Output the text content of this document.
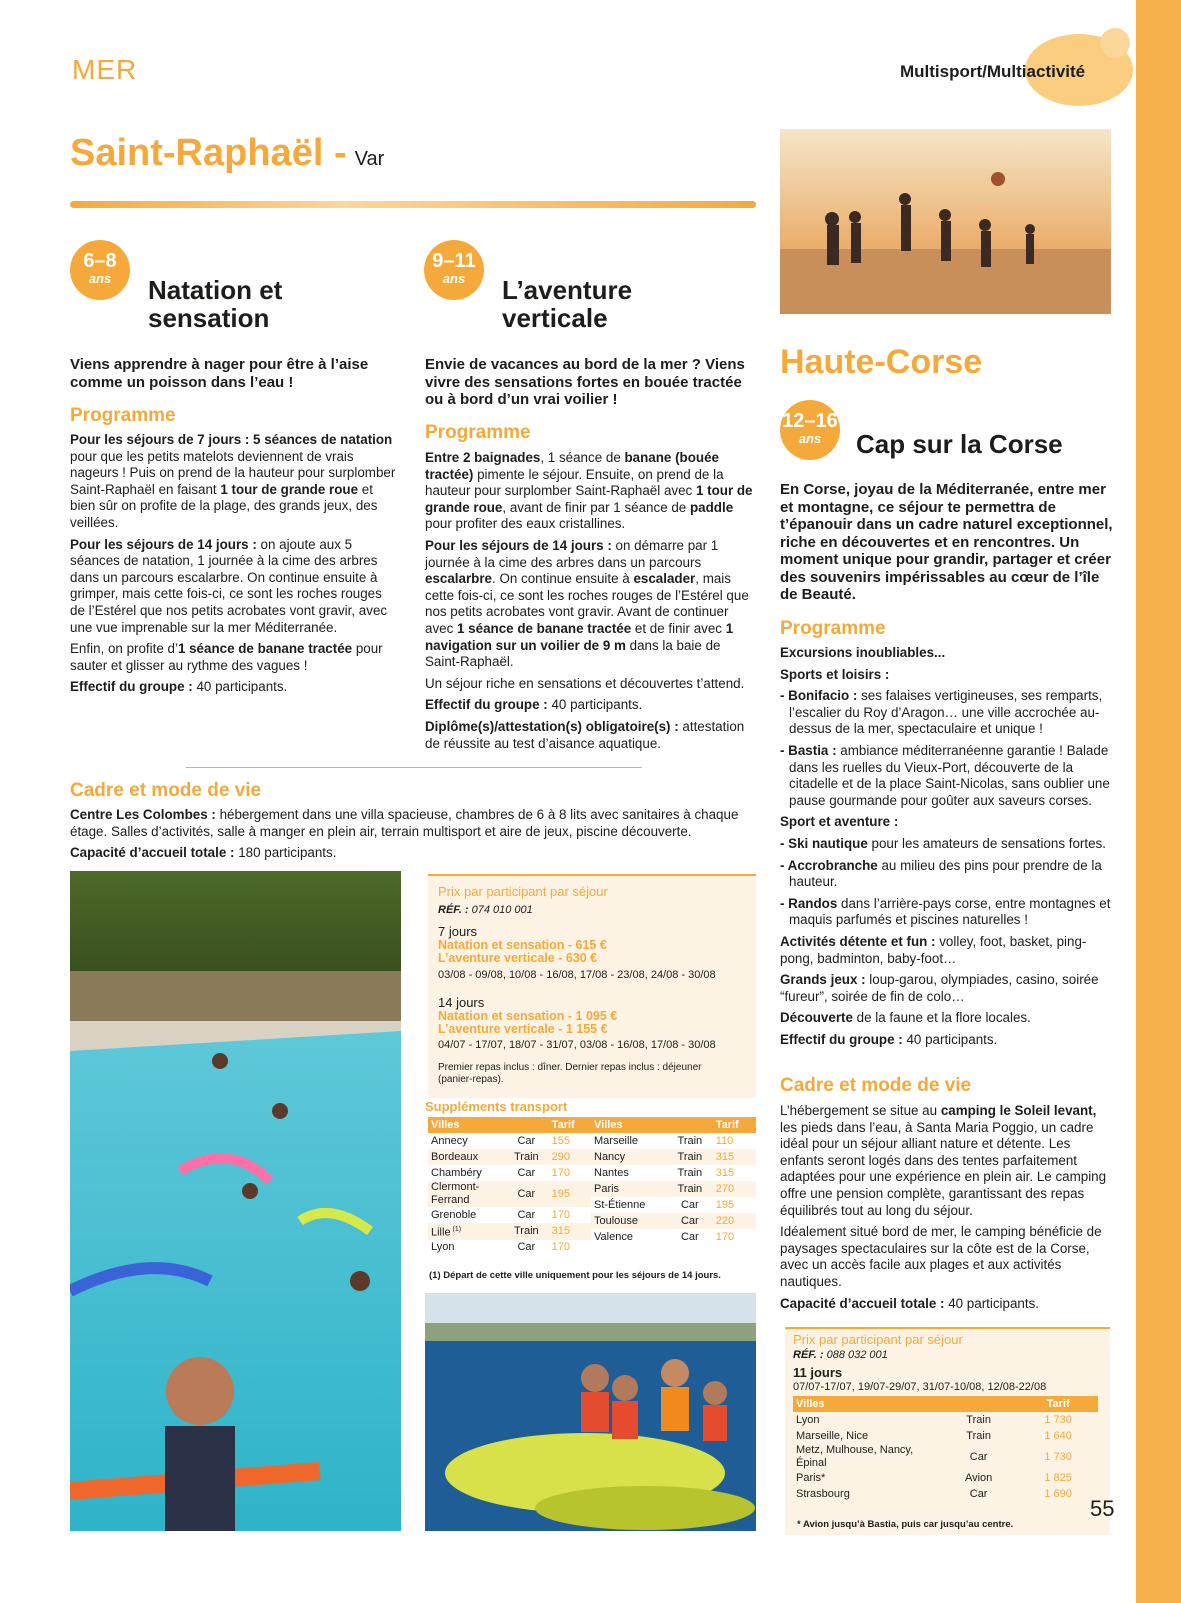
MER	Multisport/Multiactivité
Saint-Raphaël - Var
6–8
ans	Natation et
sensation
Viens apprendre à nager pour être à l’aise comme un poisson dans l’eau !
Programme

Pour les séjours de 7 jours : 5 séances de natation pour que les petits matelots deviennent de vrais nageurs ! Puis on prend de la hauteur pour surplomber Saint-Raphaël en faisant 1 tour de grande roue et bien sûr on profite de la plage, des grands jeux, des veillées.

Pour les séjours de 14 jours : on ajoute aux 5 séances de natation, 1 journée à la cime des arbres dans un parcours escalarbre. On continue ensuite à grimper, mais cette fois-ci, ce sont les roches rouges de l’Estérel que nos petits acrobates vont gravir, avec une vue imprenable sur la mer Méditerranée.

Enfin, on profite d’1 séance de banane tractée pour sauter et glisser au rythme des vagues !

Effectif du groupe : 40 participants.

9–11
ans	L’aventure
verticale
Envie de vacances au bord de la mer ? Viens vivre des sensations fortes en bouée tractée ou à bord d’un vrai voilier !
Programme

Entre 2 baignades, 1 séance de banane (bouée tractée) pimente le séjour. Ensuite, on prend de la hauteur pour surplomber Saint-Raphaël avec 1 tour de grande roue, avant de finir par 1 séance de paddle pour profiter des eaux cristallines.

Pour les séjours de 14 jours : on démarre par 1 journée à la cime des arbres dans un parcours escalarbre. On continue ensuite à escalader, mais cette fois-ci, ce sont les roches rouges de l’Estérel que nos petits acrobates vont gravir. Avant de continuer avec 1 séance de banane tractée et de finir avec 1 navigation sur un voilier de 9 m dans la baie de Saint-Raphaël.

Un séjour riche en sensations et découvertes t’attend.

Effectif du groupe : 40 participants.

Diplôme(s)/attestation(s) obligatoire(s) : attestation de réussite au test d’aisance aquatique.

Cadre et mode de vie

Centre Les Colombes : hébergement dans une villa spacieuse, chambres de 6 à 8 lits avec sanitaires à chaque étage. Salles d’activités, salle à manger en plein air, terrain multisport et aire de jeux, piscine découverte.

Capacité d’accueil totale : 180 participants.

Prix par participant par séjour
RÉF. : 074 010 001
7 jours
Natation et sensation - 615 €
L’aventure verticale - 630 €
03/08 - 09/08, 10/08 - 16/08, 17/08 - 23/08, 24/08 - 30/08
14 jours
Natation et sensation - 1 095 €
L’aventure verticale - 1 155 €
04/07 - 17/07, 18/07 - 31/07, 03/08 - 16/08, 17/08 - 30/08
Premier repas inclus : dîner. Dernier repas inclus : déjeuner (panier-repas).
Suppléments transport
Villes		Tarif
Annecy	Car	155
Bordeaux	Train	290
Chambéry	Car	170
Clermont-Ferrand	Car	195
Grenoble	Car	170
Lille $^{(1)}$	Train	315
Lyon	Car	170
Villes		Tarif
Marseille	Train	110
Nancy	Train	315
Nantes	Train	315
Paris	Train	270
St-Étienne	Car	195
Toulouse	Car	220
Valence	Car	170
(1) Départ de cette ville uniquement pour les séjours de 14 jours.
Haute-Corse
12–16
ans	Cap sur la Corse
En Corse, joyau de la Méditerranée, entre mer et montagne, ce séjour te permettra de t’épanouir dans un cadre naturel exceptionnel, riche en découvertes et en rencontres. Un moment unique pour grandir, partager et créer des souvenirs impérissables au cœur de l’île de Beauté.
Programme

Excursions inoubliables...

Sports et loisirs :

- Bonifacio : ses falaises vertigineuses, ses remparts, l’escalier du Roy d’Aragon… une ville accrochée au-dessus de la mer, spectaculaire et unique !

- Bastia : ambiance méditerranéenne garantie ! Balade dans les ruelles du Vieux-Port, découverte de la citadelle et de la place Saint-Nicolas, sans oublier une pause gourmande pour goûter aux saveurs corses.

Sport et aventure :

- Ski nautique pour les amateurs de sensations fortes.

- Accrobranche au milieu des pins pour prendre de la hauteur.

- Randos dans l’arrière-pays corse, entre montagnes et maquis parfumés et piscines naturelles !

Activités détente et fun : volley, foot, basket, ping-pong, badminton, baby-foot…

Grands jeux : loup-garou, olympiades, casino, soirée “fureur”, soirée de fin de colo…

Découverte de la faune et la flore locales.

Effectif du groupe : 40 participants.

Cadre et mode de vie

L’hébergement se situe au camping le Soleil levant, les pieds dans l’eau, à Santa Maria Poggio, un cadre idéal pour un séjour alliant nature et détente. Les enfants seront logés dans des tentes parfaitement adaptées pour une expérience en plein air. Le camping offre une pension complète, garantissant des repas équilibrés tout au long du séjour.

Idéalement situé bord de mer, le camping bénéficie de paysages spectaculaires sur la côte est de la Corse, avec un accès facile aux plages et aux activités nautiques.

Capacité d’accueil totale : 40 participants.

Prix par participant par séjour
RÉF. : 088 032 001
11 jours
07/07-17/07, 19/07-29/07, 31/07-10/08, 12/08-22/08
Villes		Tarif
Lyon	Train	1 730
Marseille, Nice	Train	1 640
Metz, Mulhouse, Nancy, Épinal	Car	1 730
Paris*	Avion	1 825
Strasbourg	Car	1 690
* Avion jusqu’à Bastia, puis car jusqu’au centre.
55
